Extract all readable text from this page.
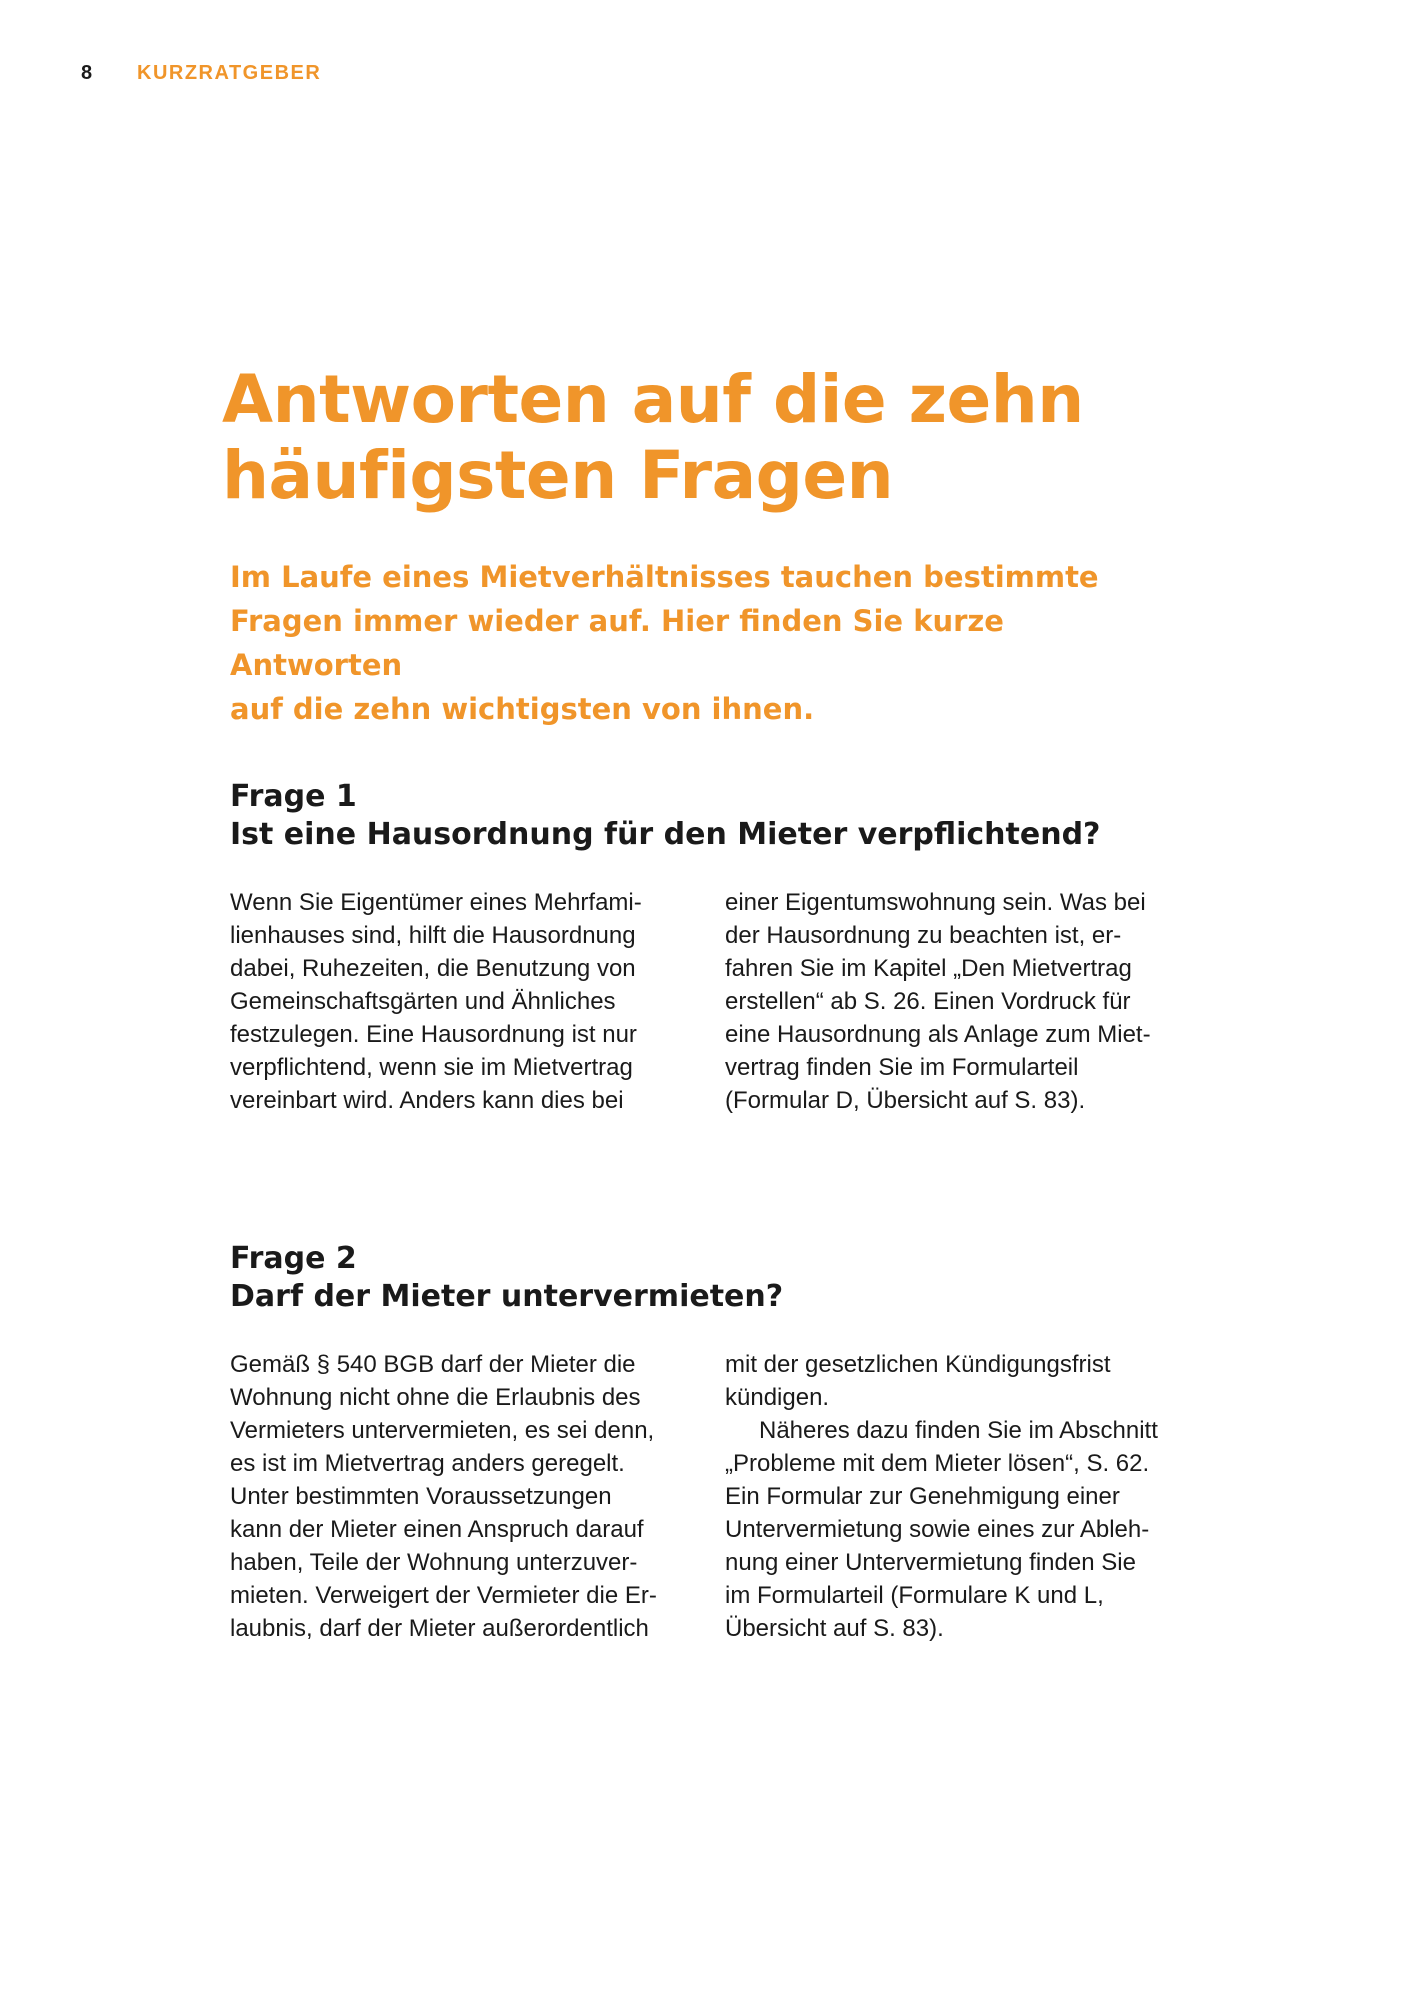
8	KURZRATGEBER
Antworten auf die zehn
häufigsten Fragen

Im Laufe eines Mietverhältnisses tauchen bestimmte
Fragen immer wieder auf. Hier finden Sie kurze Antworten
auf die zehn wichtigsten von ihnen.

Frage 1
Ist eine Hausordnung für den Mieter verpflichtend?

Wenn Sie Eigentümer eines Mehrfami-

lienhauses sind, hilft die Hausordnung

dabei, Ruhezeiten, die Benutzung von

Gemeinschaftsgärten und Ähnliches

festzulegen. Eine Hausordnung ist nur

verpflichtend, wenn sie im Mietvertrag

vereinbart wird. Anders kann dies bei

einer Eigentumswohnung sein. Was bei

der Hausordnung zu beachten ist, er-

fahren Sie im Kapitel „Den Mietvertrag

erstellen“ ab S. 26. Einen Vordruck für

eine Hausordnung als Anlage zum Miet-

vertrag finden Sie im Formularteil

(Formular D, Übersicht auf S. 83).

Frage 2
Darf der Mieter untervermieten?

Gemäß § 540 BGB darf der Mieter die

Wohnung nicht ohne die Erlaubnis des

Vermieters untervermieten, es sei denn,

es ist im Mietvertrag anders geregelt.

Unter bestimmten Voraussetzungen

kann der Mieter einen Anspruch darauf

haben, Teile der Wohnung unterzuver-

mieten. Verweigert der Vermieter die Er-

laubnis, darf der Mieter außerordentlich

mit der gesetzlichen Kündigungsfrist

kündigen.

Näheres dazu finden Sie im Abschnitt

„Probleme mit dem Mieter lösen“, S. 62.

Ein Formular zur Genehmigung einer

Untervermietung sowie eines zur Ableh-

nung einer Untervermietung finden Sie

im Formularteil (Formulare K und L,

Übersicht auf S. 83).
